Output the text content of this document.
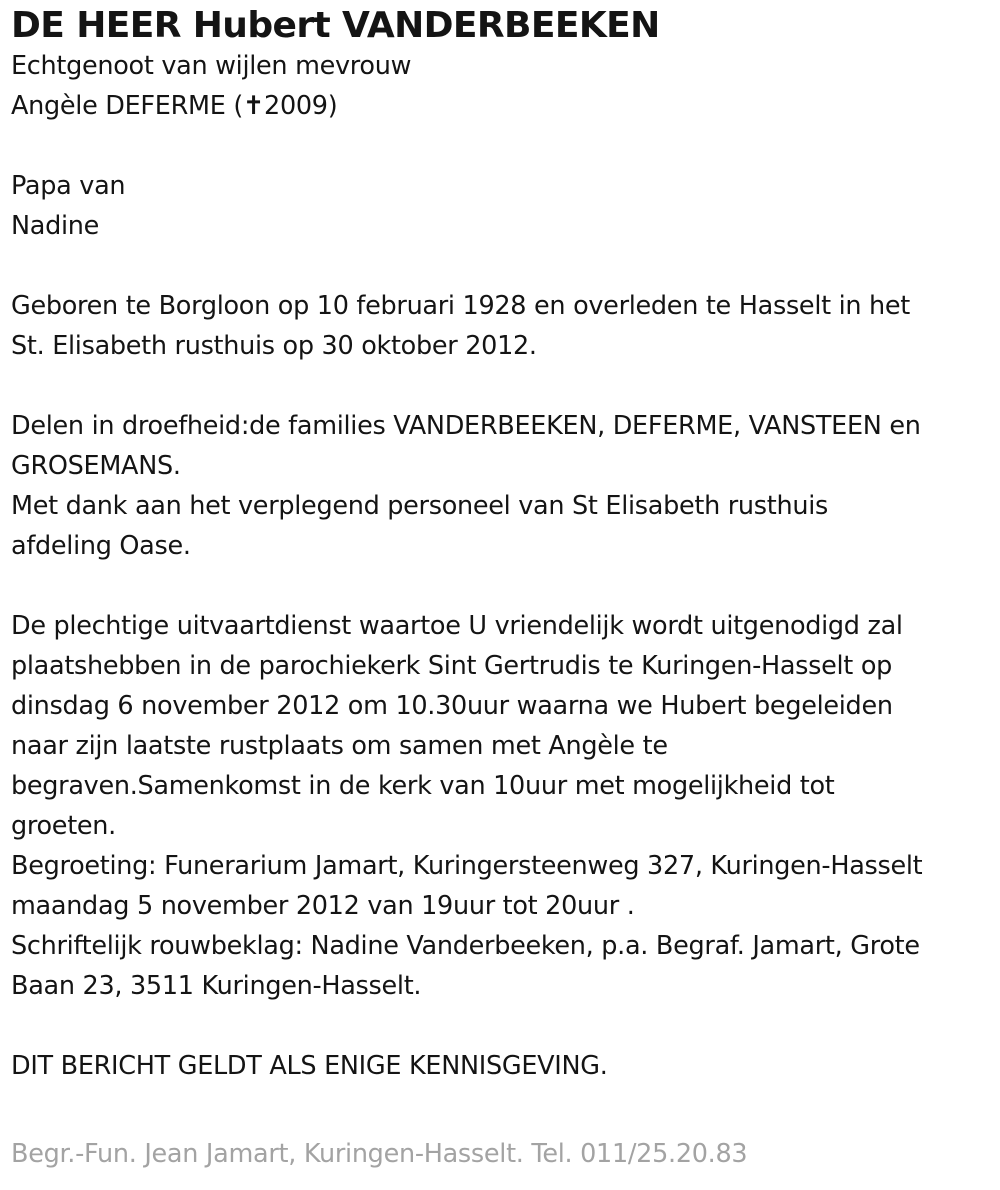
DE HEER Hubert VANDERBEEKEN
Echtgenoot van wijlen mevrouw
Angèle DEFERME (✝2009)
Papa van
Nadine
Geboren te Borgloon op 10 februari 1928 en overleden te Hasselt in het
St. Elisabeth rusthuis op 30 oktober 2012.
Delen in droefheid:de families VANDERBEEKEN, DEFERME, VANSTEEN en
GROSEMANS.
Met dank aan het verplegend personeel van St Elisabeth rusthuis
afdeling Oase.
De plechtige uitvaartdienst waartoe U vriendelijk wordt uitgenodigd zal
plaatshebben in de parochiekerk Sint Gertrudis te Kuringen-Hasselt op
dinsdag 6 november 2012 om 10.30uur waarna we Hubert begeleiden
naar zijn laatste rustplaats om samen met Angèle te
begraven.Samenkomst in de kerk van 10uur met mogelijkheid tot
groeten.
Begroeting: Funerarium Jamart, Kuringersteenweg 327, Kuringen-Hasselt
maandag 5 november 2012 van 19uur tot 20uur .
Schriftelijk rouwbeklag: Nadine Vanderbeeken, p.a. Begraf. Jamart, Grote
Baan 23, 3511 Kuringen-Hasselt.
DIT BERICHT GELDT ALS ENIGE KENNISGEVING.
Begr.-Fun. Jean Jamart, Kuringen-Hasselt. Tel. 011/25.20.83
